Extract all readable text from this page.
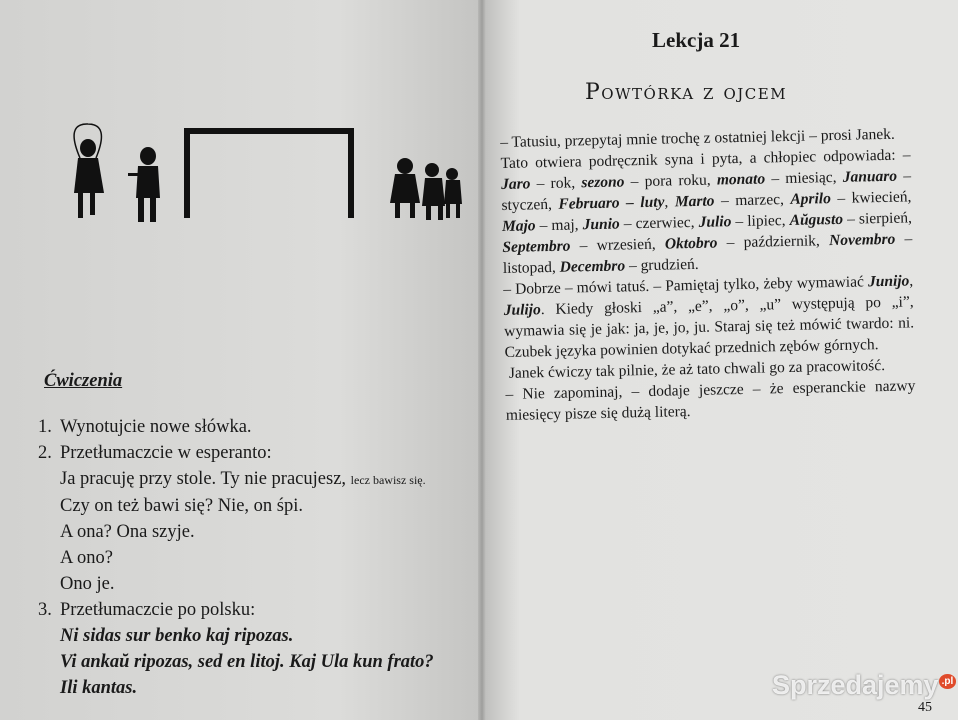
Ćwiczenia
1. Wynotujcie nowe słówka.
2. Przetłumaczcie w esperanto:
Ja pracuję przy stole. Ty nie pracujesz, lecz bawisz się.
Czy on też bawi się? Nie, on śpi.
A ona? Ona szyje.
A ono?
Ono je.
3. Przetłumaczcie po polsku:
Ni sidas sur benko kaj ripozas.
Vi ankaŭ ripozas, sed en litoj. Kaj Ula kun frato?
Ili kantas.
Lekcja 21
Powtórka z ojcem

– Tatusiu, przepytaj mnie trochę z ostatniej lekcji – prosi Janek.

Tato otwiera podręcznik syna i pyta, a chłopiec odpowiada: – Jaro – rok, sezono – pora roku, monato – miesiąc, Januaro – styczeń, Februaro – luty, Marto – marzec, Aprilo – kwiecień, Majo – maj, Junio – czerwiec, Julio – lipiec, Aŭgusto – sierpień, Septembro – wrzesień, Oktobro – październik, Novembro – listopad, Decembro – grudzień.

– Dobrze – mówi tatuś. – Pamiętaj tylko, żeby wymawiać Junijo, Julijo. Kiedy głoski „a”, „e”, „o”, „u” występują po „i”, wymawia się je jak: ja, je, jo, ju. Staraj się też mówić twardo: ni. Czubek języka powinien dotykać przednich zębów górnych.

Janek ćwiczy tak pilnie, że aż tato chwali go za pracowitość.

– Nie zapominaj, – dodaje jeszcze – że esperanckie nazwy miesięcy pisze się dużą literą.

45
Sprzedajemy $^{.pl}$
